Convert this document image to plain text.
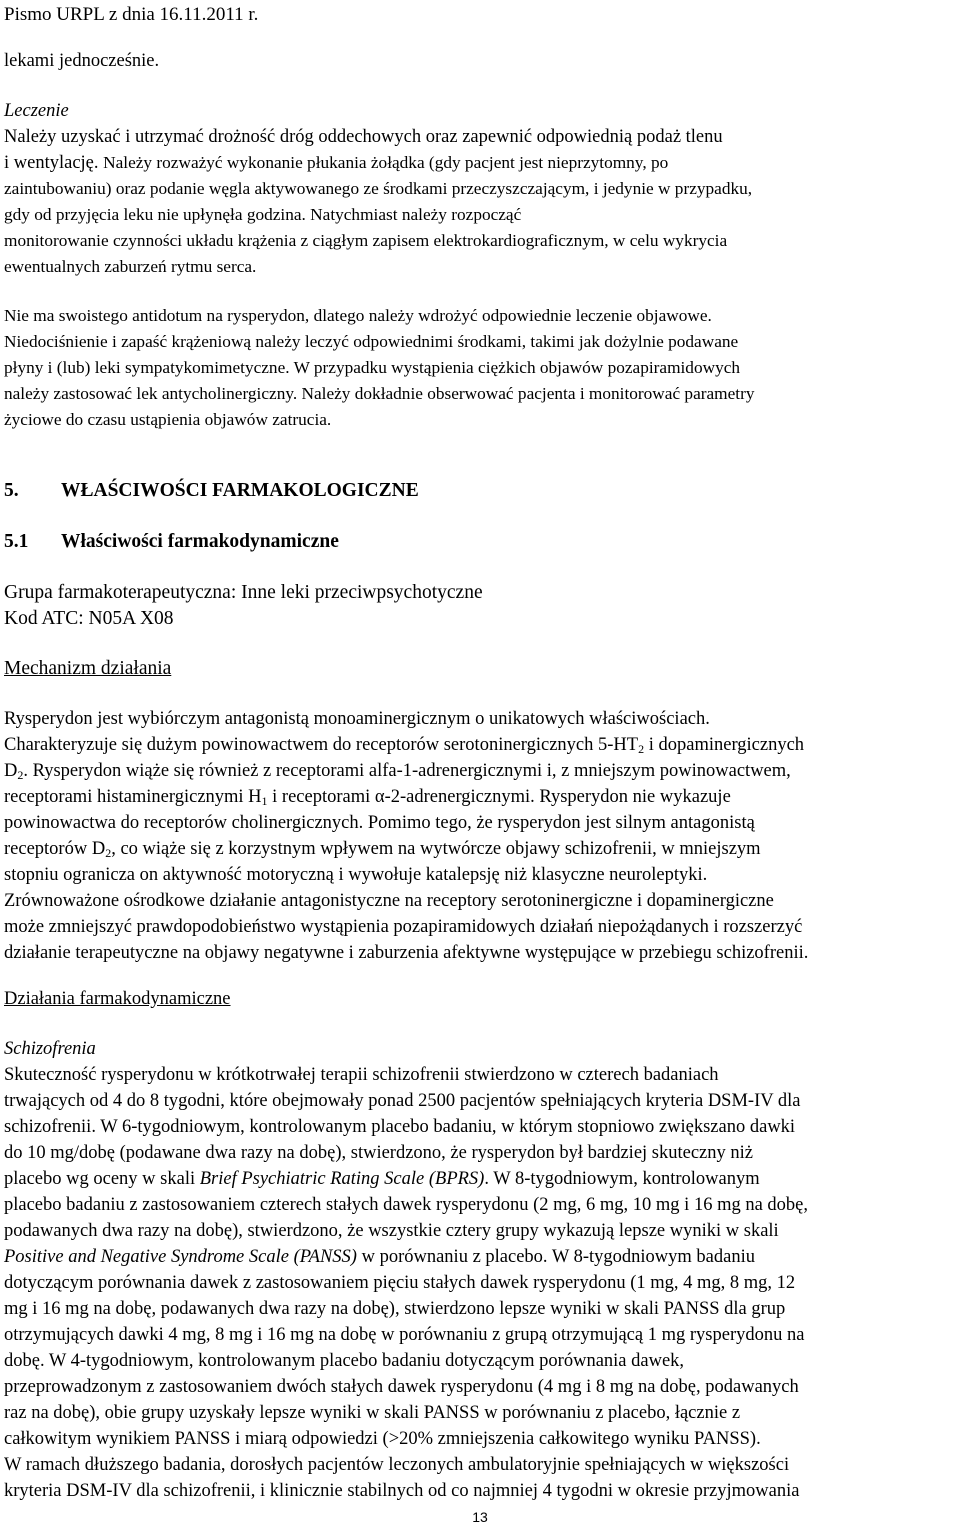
Pismo URPL z dnia 16.11.2011 r.

lekami jednocześnie.

Leczenie

Należy uzyskać i utrzymać drożność dróg oddechowych oraz zapewnić odpowiednią podaż tlenu

i wentylację. Należy rozważyć wykonanie płukania żołądka (gdy pacjent jest nieprzytomny, po

zaintubowaniu) oraz podanie węgla aktywowanego ze środkami przeczyszczającym, i jedynie w przypadku,

gdy od przyjęcia leku nie upłynęła godzina. Natychmiast należy rozpocząć

monitorowanie czynności układu krążenia z ciągłym zapisem elektrokardiograficznym, w celu wykrycia

ewentualnych zaburzeń rytmu serca.

Nie ma swoistego antidotum na rysperydon, dlatego należy wdrożyć odpowiednie leczenie objawowe.

Niedociśnienie i zapaść krążeniową należy leczyć odpowiednimi środkami, takimi jak dożylnie podawane

płyny i (lub) leki sympatykomimetyczne. W przypadku wystąpienia ciężkich objawów pozapiramidowych

należy zastosować lek antycholinergiczny. Należy dokładnie obserwować pacjenta i monitorować parametry

życiowe do czasu ustąpienia objawów zatrucia.

5. WŁAŚCIWOŚCI FARMAKOLOGICZNE

5.1 Właściwości farmakodynamiczne

Grupa farmakoterapeutyczna: Inne leki przeciwpsychotyczne

Kod ATC: N05A X08

Mechanizm działania

Rysperydon jest wybiórczym antagonistą monoaminergicznym o unikatowych właściwościach.

Charakteryzuje się dużym powinowactwem do receptorów serotoninergicznych $5-HT_2$ i dopaminergicznych

$D_2$. Rysperydon wiąże się również z receptorami alfa-1-adrenergicznymi i, z mniejszym powinowactwem,

receptorami histaminergicznymi $H_1$ i receptorami α-2-adrenergicznymi. Rysperydon nie wykazuje

powinowactwa do receptorów cholinergicznych. Pomimo tego, że rysperydon jest silnym antagonistą

receptorów $D_2$, co wiąże się z korzystnym wpływem na wytwórcze objawy schizofrenii, w mniejszym

stopniu ogranicza on aktywność motoryczną i wywołuje katalepsję niż klasyczne neuroleptyki.

Zrównoważone ośrodkowe działanie antagonistyczne na receptory serotoninergiczne i dopaminergiczne

może zmniejszyć prawdopodobieństwo wystąpienia pozapiramidowych działań niepożądanych i rozszerzyć

działanie terapeutyczne na objawy negatywne i zaburzenia afektywne występujące w przebiegu schizofrenii.

Działania farmakodynamiczne

Schizofrenia

Skuteczność rysperydonu w krótkotrwałej terapii schizofrenii stwierdzono w czterech badaniach

trwających od 4 do 8 tygodni, które obejmowały ponad 2500 pacjentów spełniających kryteria DSM-IV dla

schizofrenii. W 6-tygodniowym, kontrolowanym placebo badaniu, w którym stopniowo zwiększano dawki

do 10 mg/dobę (podawane dwa razy na dobę), stwierdzono, że rysperydon był bardziej skuteczny niż

placebo wg oceny w skali Brief Psychiatric Rating Scale (BPRS). W 8-tygodniowym, kontrolowanym

placebo badaniu z zastosowaniem czterech stałych dawek rysperydonu (2 mg, 6 mg, 10 mg i 16 mg na dobę,

podawanych dwa razy na dobę), stwierdzono, że wszystkie cztery grupy wykazują lepsze wyniki w skali

Positive and Negative Syndrome Scale (PANSS) w porównaniu z placebo. W 8-tygodniowym badaniu

dotyczącym porównania dawek z zastosowaniem pięciu stałych dawek rysperydonu (1 mg, 4 mg, 8 mg, 12

mg i 16 mg na dobę, podawanych dwa razy na dobę), stwierdzono lepsze wyniki w skali PANSS dla grup

otrzymujących dawki 4 mg, 8 mg i 16 mg na dobę w porównaniu z grupą otrzymującą 1 mg rysperydonu na

dobę. W 4-tygodniowym, kontrolowanym placebo badaniu dotyczącym porównania dawek,

przeprowadzonym z zastosowaniem dwóch stałych dawek rysperydonu (4 mg i 8 mg na dobę, podawanych

raz na dobę), obie grupy uzyskały lepsze wyniki w skali PANSS w porównaniu z placebo, łącznie z

całkowitym wynikiem PANSS i miarą odpowiedzi (>20% zmniejszenia całkowitego wyniku PANSS).

W ramach dłuższego badania, dorosłych pacjentów leczonych ambulatoryjnie spełniających w większości

kryteria DSM-IV dla schizofrenii, i klinicznie stabilnych od co najmniej 4 tygodni w okresie przyjmowania

13
